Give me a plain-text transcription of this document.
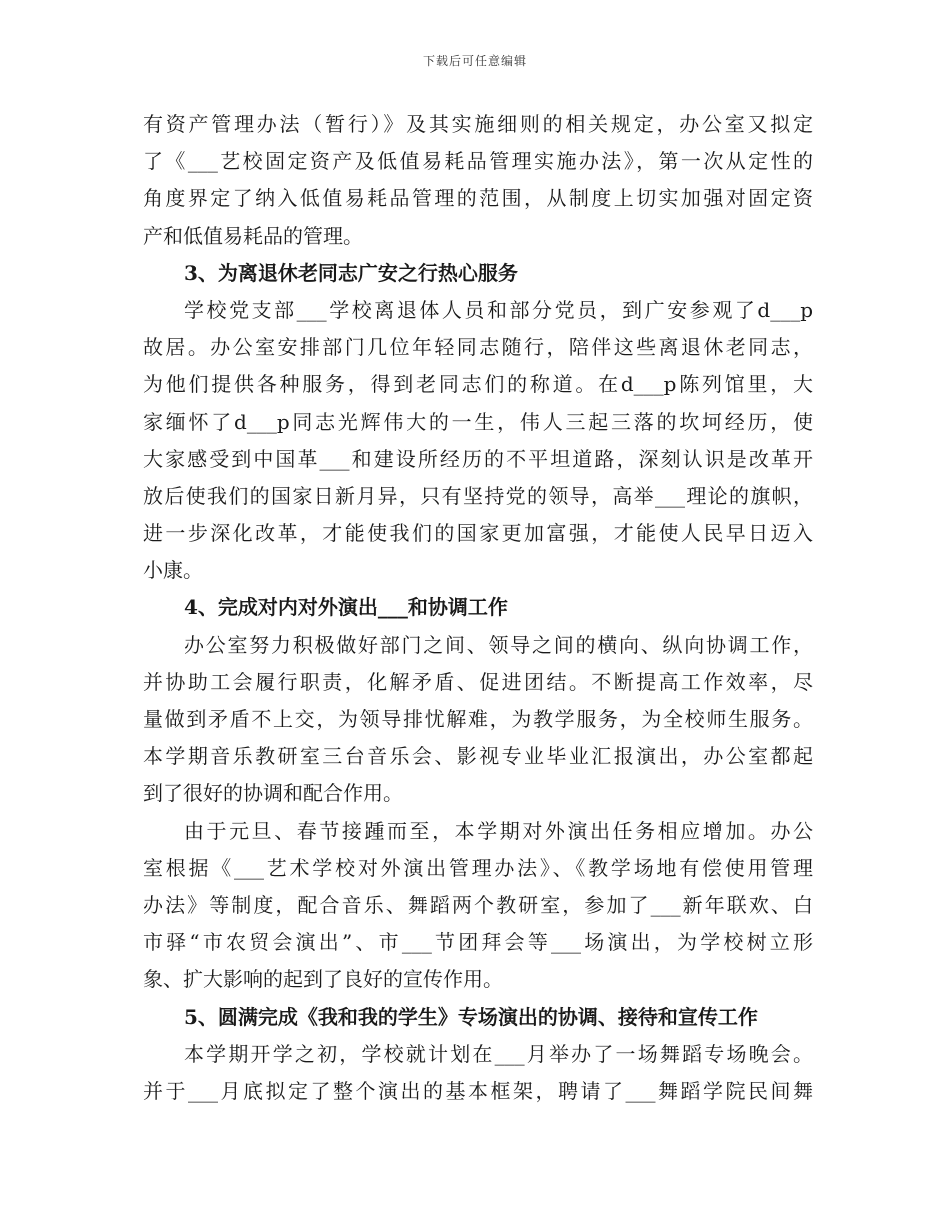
下载后可任意编辑
有资产管理办法（暂行）》及其实施细则的相关规定，办公室又拟定
了《___艺校固定资产及低值易耗品管理实施办法》，第一次从定性的
角度界定了纳入低值易耗品管理的范围，从制度上切实加强对固定资
产和低值易耗品的管理。
3、为离退休老同志广安之行热心服务
学校党支部___学校离退体人员和部分党员，到广安参观了d___p
故居。办公室安排部门几位年轻同志随行，陪伴这些离退休老同志，
为他们提供各种服务，得到老同志们的称道。在d___p陈列馆里，大
家缅怀了d___p同志光辉伟大的一生，伟人三起三落的坎坷经历，使
大家感受到中国革___和建设所经历的不平坦道路，深刻认识是改革开
放后使我们的国家日新月异，只有坚持党的领导，高举___理论的旗帜，
进一步深化改革，才能使我们的国家更加富强，才能使人民早日迈入
小康。
4、完成对内对外演出___和协调工作
办公室努力积极做好部门之间、领导之间的横向、纵向协调工作，
并协助工会履行职责，化解矛盾、促进团结。不断提高工作效率，尽
量做到矛盾不上交，为领导排忧解难，为教学服务，为全校师生服务。
本学期音乐教研室三台音乐会、影视专业毕业汇报演出，办公室都起
到了很好的协调和配合作用。
由于元旦、春节接踵而至，本学期对外演出任务相应增加。办公
室根据《___艺术学校对外演出管理办法》、《教学场地有偿使用管理
办法》等制度，配合音乐、舞蹈两个教研室，参加了___新年联欢、白
市驿“市农贸会演出”、市___节团拜会等___场演出，为学校树立形
象、扩大影响的起到了良好的宣传作用。
5、圆满完成《我和我的学生》专场演出的协调、接待和宣传工作
本学期开学之初，学校就计划在___月举办了一场舞蹈专场晚会。
并于___月底拟定了整个演出的基本框架，聘请了___舞蹈学院民间舞
